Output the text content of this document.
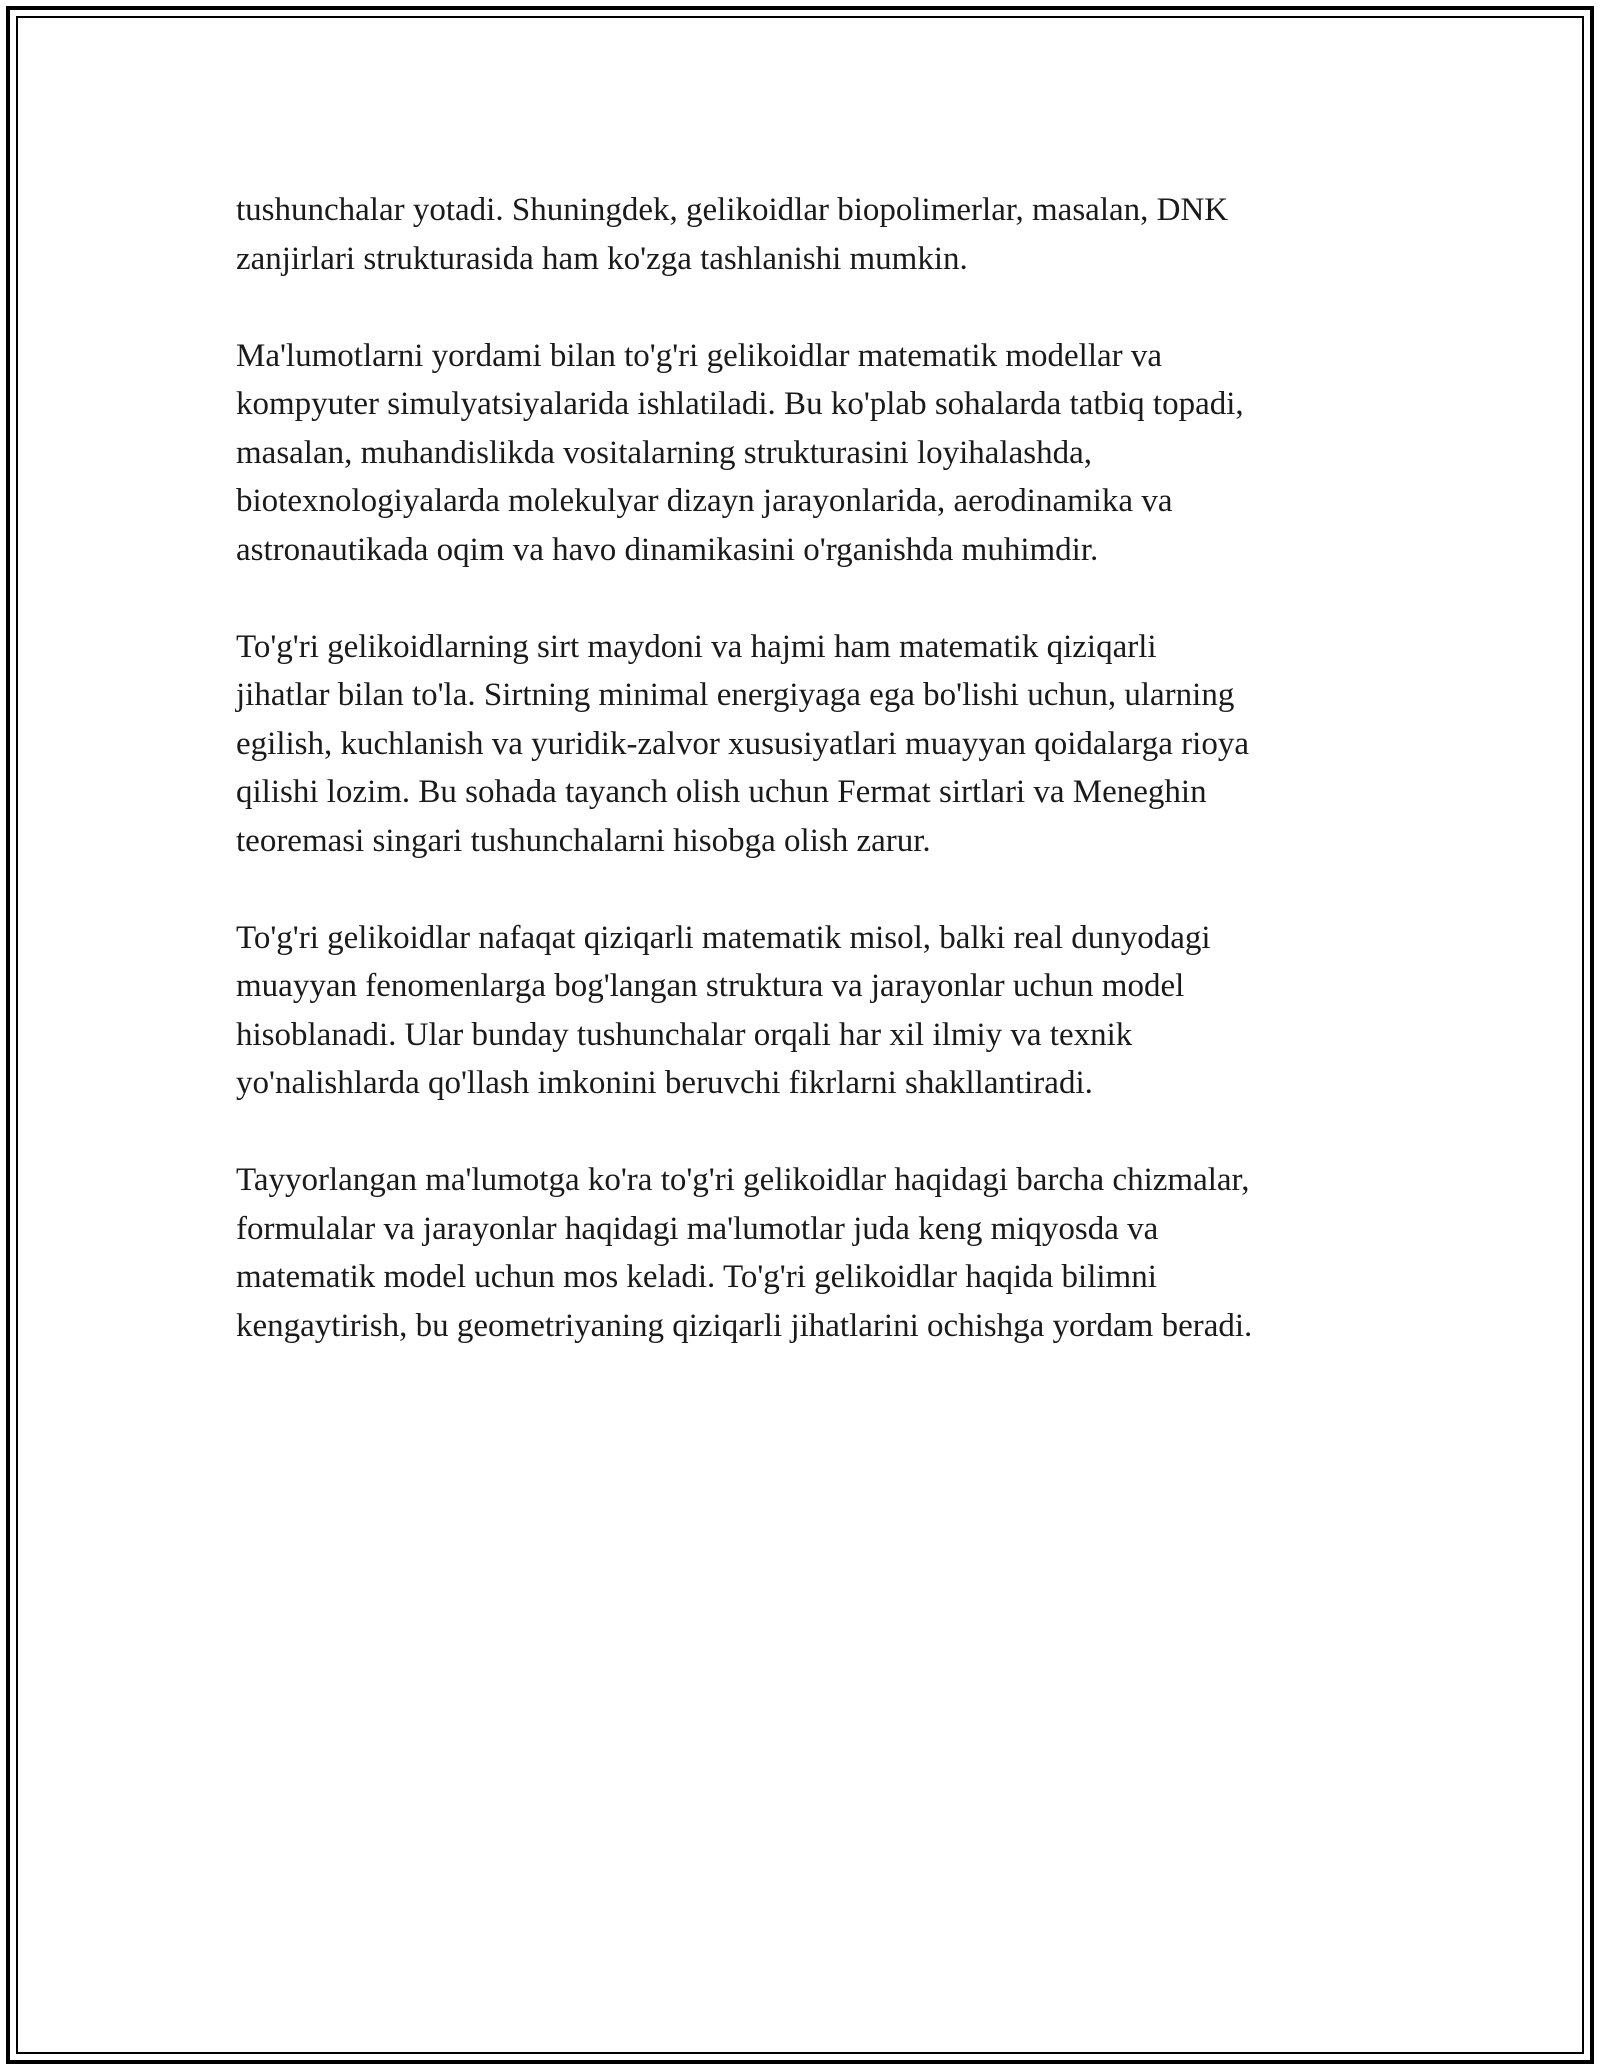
tushunchalar yotadi. Shuningdek, gelikoidlar biopolimerlar, masalan, DNK
zanjirlari strukturasida ham ko'zga tashlanishi mumkin.

Ma'lumotlarni yordami bilan to'g'ri gelikoidlar matematik modellar va
kompyuter simulyatsiyalarida ishlatiladi. Bu ko'plab sohalarda tatbiq topadi,
masalan, muhandislikda vositalarning strukturasini loyihalashda,
biotexnologiyalarda molekulyar dizayn jarayonlarida, aerodinamika va
astronautikada oqim va havo dinamikasini o'rganishda muhimdir.

To'g'ri gelikoidlarning sirt maydoni va hajmi ham matematik qiziqarli
jihatlar bilan to'la. Sirtning minimal energiyaga ega bo'lishi uchun, ularning
egilish, kuchlanish va yuridik-zalvor xususiyatlari muayyan qoidalarga rioya
qilishi lozim. Bu sohada tayanch olish uchun Fermat sirtlari va Meneghin
teoremasi singari tushunchalarni hisobga olish zarur.

To'g'ri gelikoidlar nafaqat qiziqarli matematik misol, balki real dunyodagi
muayyan fenomenlarga bog'langan struktura va jarayonlar uchun model
hisoblanadi. Ular bunday tushunchalar orqali har xil ilmiy va texnik
yo'nalishlarda qo'llash imkonini beruvchi fikrlarni shakllantiradi.

Tayyorlangan ma'lumotga ko'ra to'g'ri gelikoidlar haqidagi barcha chizmalar,
formulalar va jarayonlar haqidagi ma'lumotlar juda keng miqyosda va
matematik model uchun mos keladi. To'g'ri gelikoidlar haqida bilimni
kengaytirish, bu geometriyaning qiziqarli jihatlarini ochishga yordam beradi.
